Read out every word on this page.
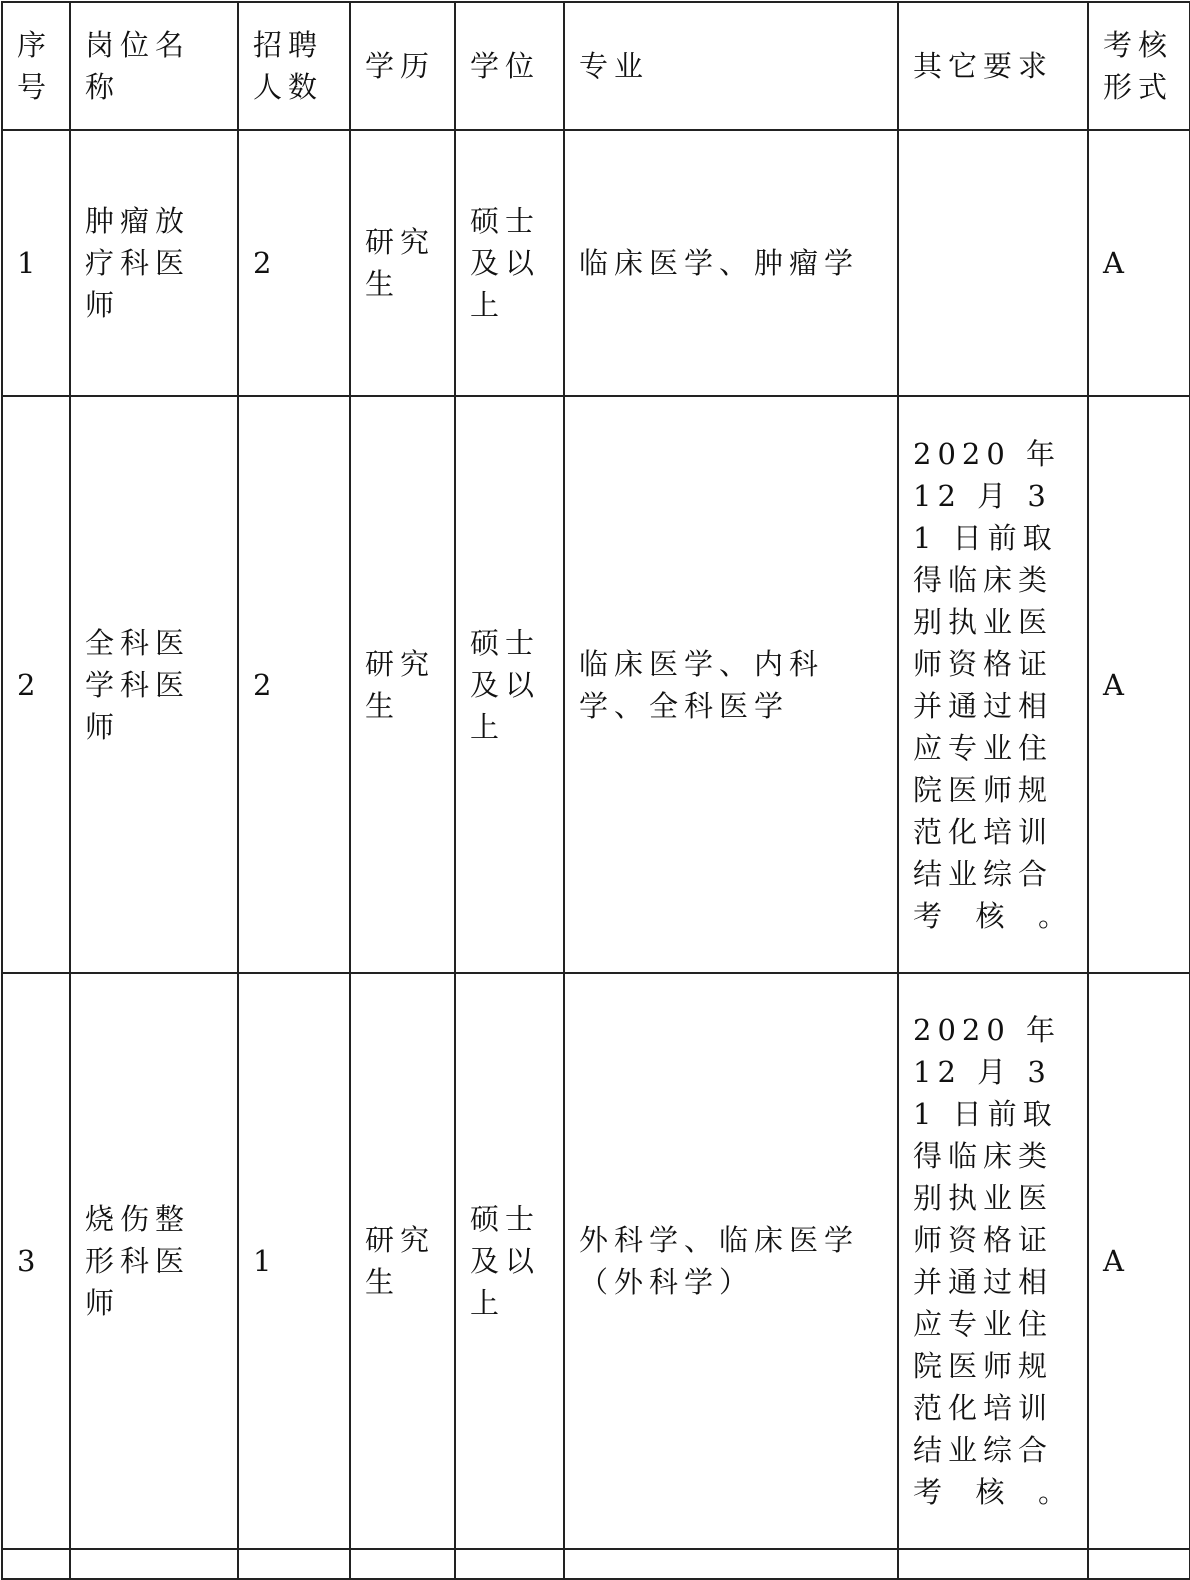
序号	岗位名称	招聘人数	学历	学位	专业	其它要求	考核形式
1	肿瘤放疗科医师	2	研究生	硕士及以上	临床医学、肿瘤学		A
2	全科医学科医师	2	研究生	硕士及以上	临床医学、内科学、全科医学	2020 年 12 月 31 日前取得临床类别执业医师资格证并通过相应专业住院医师规范化培训结业综合考核。	A
3	烧伤整形科医师	1	研究生	硕士及以上	外科学、临床医学（外科学）	2020 年 12 月 31 日前取得临床类别执业医师资格证并通过相应专业住院医师规范化培训结业综合考核。	A
